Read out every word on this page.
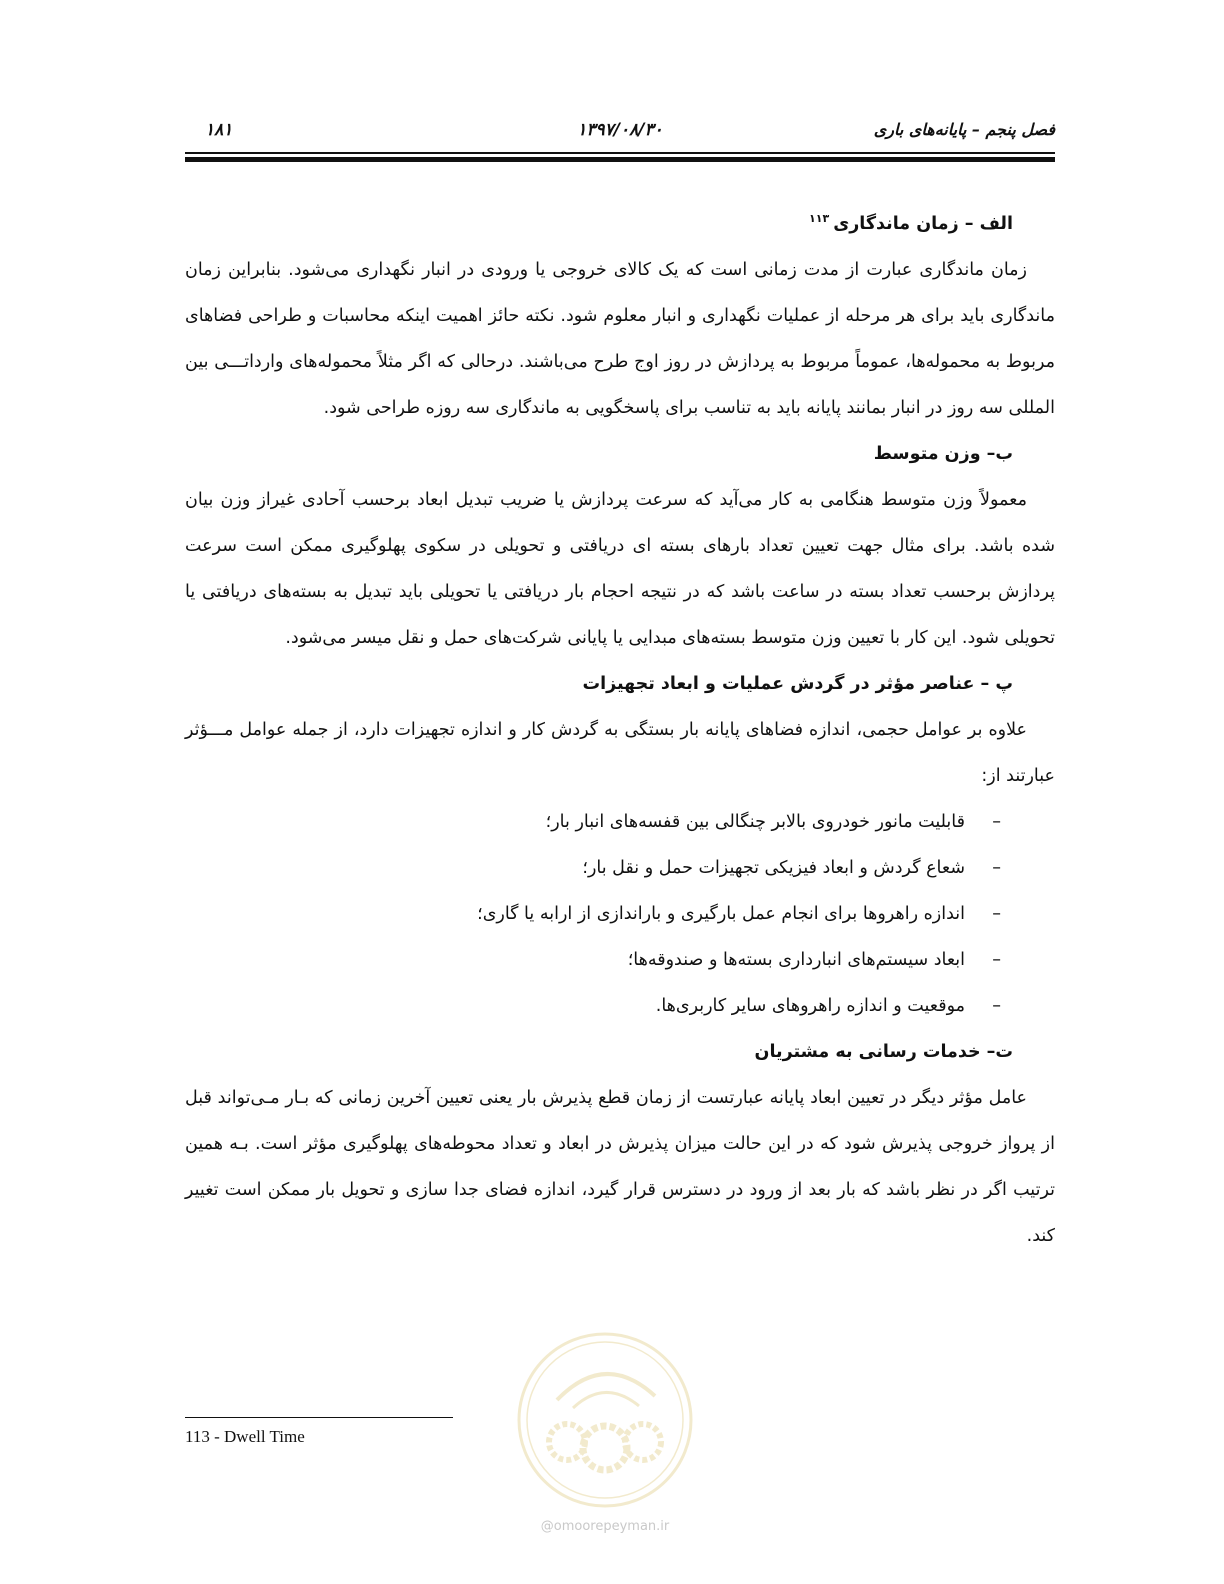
۱۸۱	۱۳۹۷/۰۸/۳۰	فصل پنجم – پایانه‌های باری
الف – زمان ماندگاری$^{۱۱۳}$

زمان ماندگاری عبارت از مدت زمانی است که یک کالای خروجی یا ورودی در انبار نگهداری می‌شود. بنابراین زمان ماندگاری باید برای هر مرحله از عملیات نگهداری و انبار معلوم شود. نکته حائز اهمیت اینکه محاسبات و طراحی فضاهای مربوط به محموله‌ها، عموماً مربوط به پردازش در روز اوج طرح می‌باشند. درحالی که اگر مثلاً محموله‌های وارداتـــی بین المللی سه روز در انبار بمانند پایانه باید به تناسب برای پاسخگویی به ماندگاری سه روزه طراحی شود.

ب– وزن متوسط

معمولاً وزن متوسط هنگامی به کار می‌آید که سرعت پردازش یا ضریب تبدیل ابعاد برحسب آحادی غیراز وزن بیان شده باشد. برای مثال جهت تعیین تعداد بارهای بسته ای دریافتی و تحویلی در سکوی پهلوگیری ممکن است سرعت پردازش برحسب تعداد بسته در ساعت باشد که در نتیجه احجام بار دریافتی یا تحویلی باید تبدیل به بسته‌های دریافتی یا تحویلی شود. این کار با تعیین وزن متوسط بسته‌های مبدایی یا پایانی شرکت‌های حمل و نقل میسر می‌شود.

پ – عناصر مؤثر در گردش عملیات و ابعاد تجهیزات

علاوه بر عوامل حجمی، اندازه فضاهای پایانه بار بستگی به گردش کار و اندازه تجهیزات دارد، از جمله عوامل مـــؤثر عبارتند از:

–قابلیت مانور خودروی بالابر چنگالی بین قفسه‌های انبار بار؛
–شعاع گردش و ابعاد فیزیکی تجهیزات حمل و نقل بار؛
–اندازه راهروها برای انجام عمل بارگیری و باراندازی از ارابه یا گاری؛
–ابعاد سیستم‌های انبارداری بسته‌ها و صندوقه‌ها؛
–موقعیت و اندازه راهروهای سایر کاربری‌ها.
ت– خدمات رسانی به مشتریان

عامل مؤثر دیگر در تعیین ابعاد پایانه عبارتست از زمان قطع پذیرش بار یعنی تعیین آخرین زمانی که بـار مـی‌تواند قبل از پرواز خروجی پذیرش شود که در این حالت میزان پذیرش در ابعاد و تعداد محوطه‌های پهلوگیری مؤثر است. بـه همین ترتیب اگر در نظر باشد که بار بعد از ورود در دسترس قرار گیرد، اندازه فضای جدا سازی و تحویل بار ممکن است تغییر کند.

@omoorepeyman.ir
113 - Dwell Time
